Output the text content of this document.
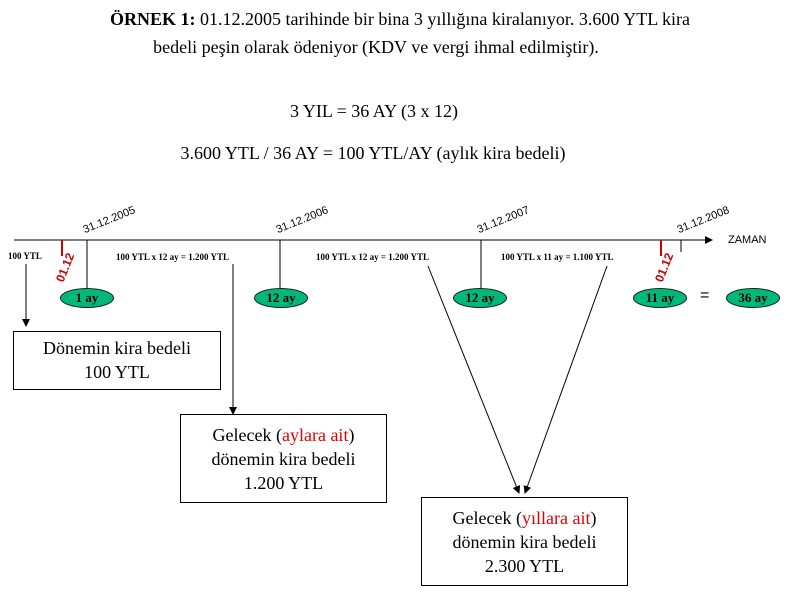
ÖRNEK 1: 01.12.2005 tarihinde bir bina 3 yıllığına kiralanıyor. 3.600 YTL kira
bedeli peşin olarak ödeniyor (KDV ve vergi ihmal edilmiştir).
3 YIL = 36 AY (3 x 12)
3.600 YTL / 36 AY = 100 YTL/AY (aylık kira bedeli)
31.12.2005	31.12.2006	31.12.2007	31.12.2008
01.12	01.12
ZAMAN
100 YTL	100 YTL x 12 ay = 1.200 YTL	100 YTL x 12 ay = 1.200 YTL	100 YTL x 11 ay = 1.100 YTL
1 ay	12 ay	12 ay	11 ay	=	36 ay
Dönemin kira bedeli
100 YTL
Gelecek (aylara ait)
dönemin kira bedeli
1.200 YTL
Gelecek (yıllara ait)
dönemin kira bedeli
2.300 YTL
